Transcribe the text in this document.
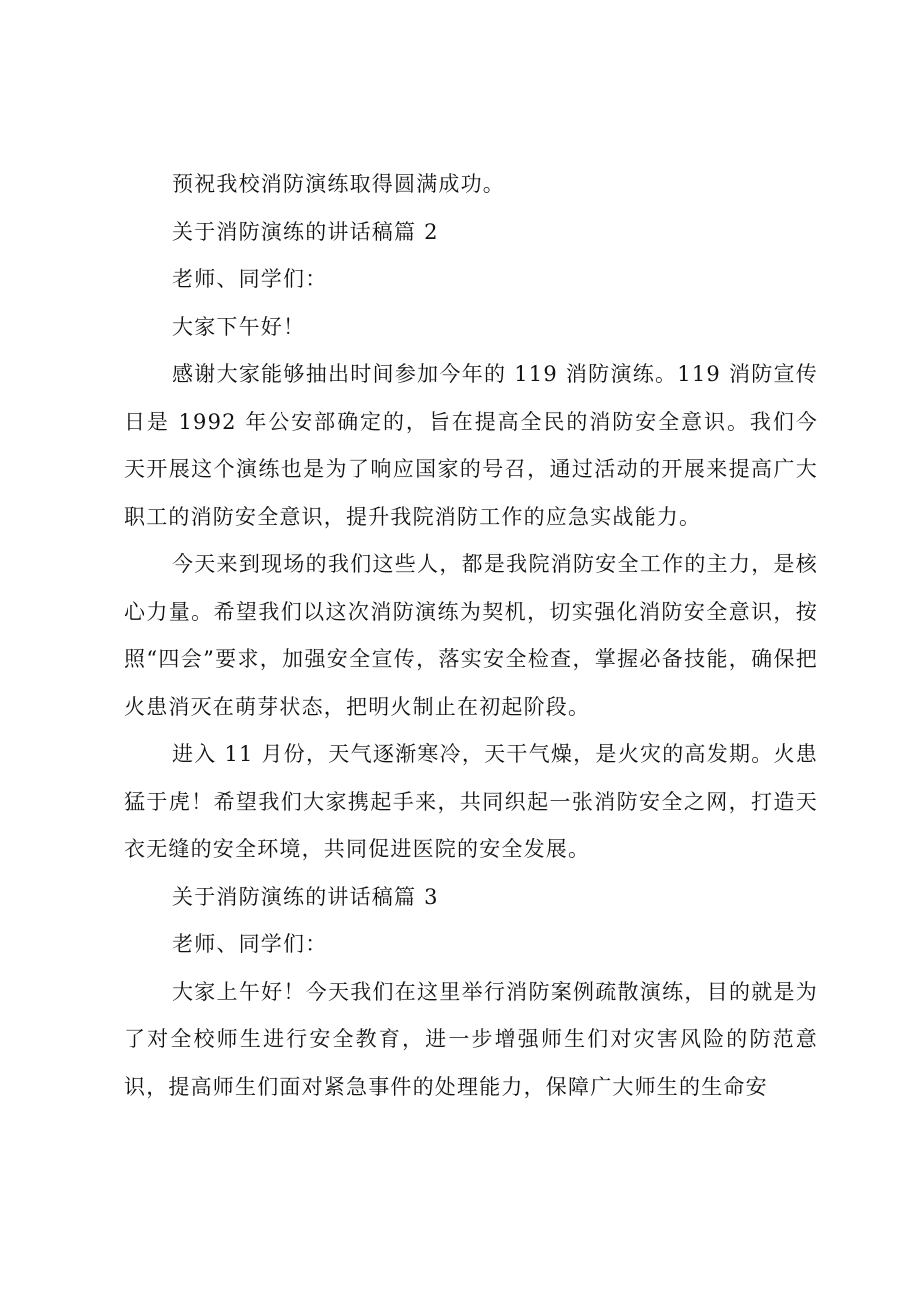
预祝我校消防演练取得圆满成功。

关于消防演练的讲话稿篇 2

老师、同学们：

大家下午好！

感谢大家能够抽出时间参加今年的 119 消防演练。119 消防宣传日是 1992 年公安部确定的，旨在提高全民的消防安全意识。我们今天开展这个演练也是为了响应国家的号召，通过活动的开展来提高广大职工的消防安全意识，提升我院消防工作的应急实战能力。

今天来到现场的我们这些人，都是我院消防安全工作的主力，是核心力量。希望我们以这次消防演练为契机，切实强化消防安全意识，按照“四会”要求，加强安全宣传，落实安全检查，掌握必备技能，确保把火患消灭在萌芽状态，把明火制止在初起阶段。

进入 11 月份，天气逐渐寒冷，天干气燥，是火灾的高发期。火患猛于虎！希望我们大家携起手来，共同织起一张消防安全之网，打造天衣无缝的安全环境，共同促进医院的安全发展。

关于消防演练的讲话稿篇 3

老师、同学们：

大家上午好！今天我们在这里举行消防案例疏散演练，目的就是为了对全校师生进行安全教育，进一步增强师生们对灾害风险的防范意识，提高师生们面对紧急事件的处理能力，保障广大师生的生命安
